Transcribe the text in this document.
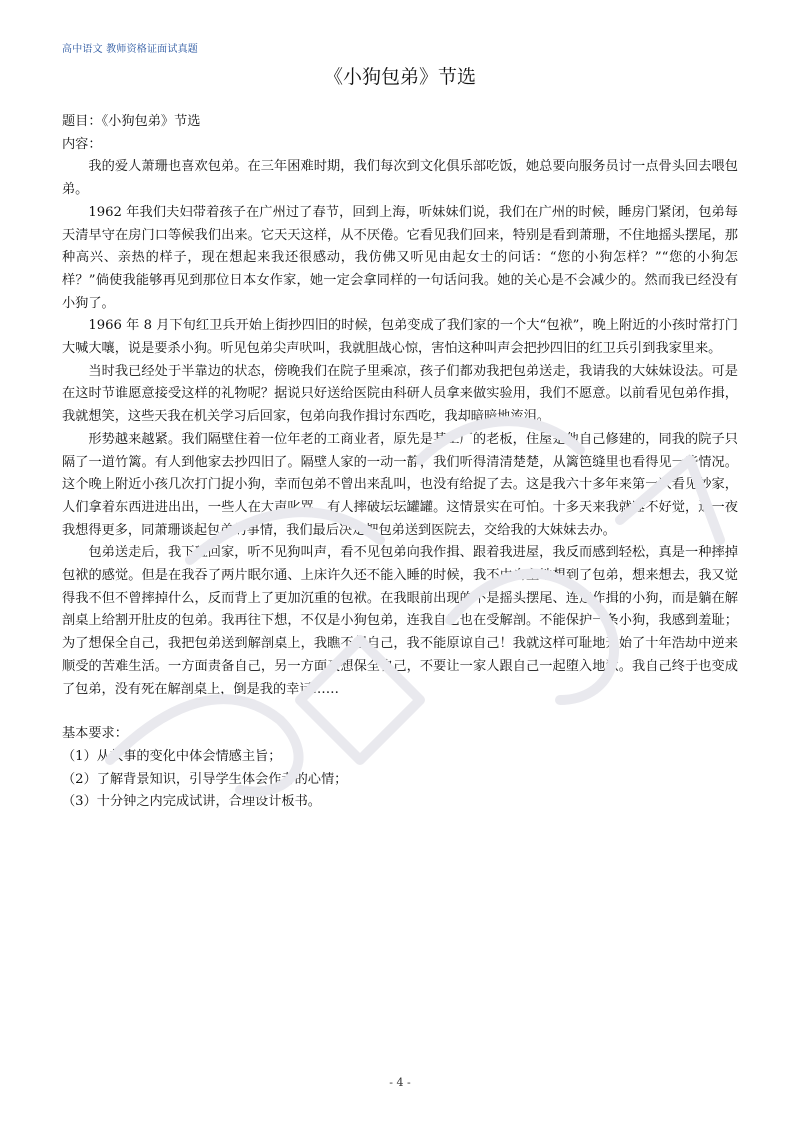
高中语文 教师资格证面试真题
《小狗包弟》节选

题目：《小狗包弟》节选

内容：

我的爱人萧珊也喜欢包弟。在三年困难时期，我们每次到文化俱乐部吃饭，她总要向服务员讨一点骨头回去喂包弟。

1962 年我们夫妇带着孩子在广州过了春节，回到上海，听妹妹们说，我们在广州的时候，睡房门紧闭，包弟每天清早守在房门口等候我们出来。它天天这样，从不厌倦。它看见我们回来，特别是看到萧珊，不住地摇头摆尾，那种高兴、亲热的样子，现在想起来我还很感动，我仿佛又听见由起女士的问话：“您的小狗怎样？”“您的小狗怎样？”倘使我能够再见到那位日本女作家，她一定会拿同样的一句话问我。她的关心是不会减少的。然而我已经没有小狗了。

1966 年 8 月下旬红卫兵开始上街抄四旧的时候，包弟变成了我们家的一个大“包袱”，晚上附近的小孩时常打门大喊大嚷，说是要杀小狗。听见包弟尖声吠叫，我就胆战心惊，害怕这种叫声会把抄四旧的红卫兵引到我家里来。

当时我已经处于半靠边的状态，傍晚我们在院子里乘凉，孩子们都劝我把包弟送走，我请我的大妹妹设法。可是在这时节谁愿意接受这样的礼物呢？据说只好送给医院由科研人员拿来做实验用，我们不愿意。以前看见包弟作揖，我就想笑，这些天我在机关学习后回家，包弟向我作揖讨东西吃，我却暗暗地流泪。

形势越来越紧。我们隔壁住着一位年老的工商业者，原先是某工厂的老板，住屋是他自己修建的，同我的院子只隔了一道竹篱。有人到他家去抄四旧了。隔壁人家的一动一静，我们听得清清楚楚，从篱笆缝里也看得见一些情况。这个晚上附近小孩几次打门捉小狗，幸而包弟不曾出来乱叫，也没有给捉了去。这是我六十多年来第一次看见抄家，人们拿着东西进进出出，一些人在大声叱骂，有人摔破坛坛罐罐。这情景实在可怕。十多天来我就睡不好觉，这一夜我想得更多，同萧珊谈起包弟的事情，我们最后决定把包弟送到医院去，交给我的大妹妹去办。

包弟送走后，我下班回家，听不见狗叫声，看不见包弟向我作揖、跟着我进屋，我反而感到轻松，真是一种摔掉包袱的感觉。但是在我吞了两片眠尔通、上床许久还不能入睡的时候，我不由自主地想到了包弟，想来想去，我又觉得我不但不曾摔掉什么，反而背上了更加沉重的包袱。在我眼前出现的不是摇头摆尾、连连作揖的小狗，而是躺在解剖桌上给割开肚皮的包弟。我再往下想，不仅是小狗包弟，连我自己也在受解剖。不能保护一条小狗，我感到羞耻；为了想保全自己，我把包弟送到解剖桌上，我瞧不起自己，我不能原谅自己！我就这样可耻地开始了十年浩劫中逆来顺受的苦难生活。一方面责备自己，另一方面又想保全自己，不要让一家人跟自己一起堕入地狱。我自己终于也变成了包弟，没有死在解剖桌上，倒是我的幸运……

基本要求：

（1）从故事的变化中体会情感主旨；
（2）了解背景知识，引导学生体会作者的心情；
（3）十分钟之内完成试讲，合理设计板书。
- 4 -
